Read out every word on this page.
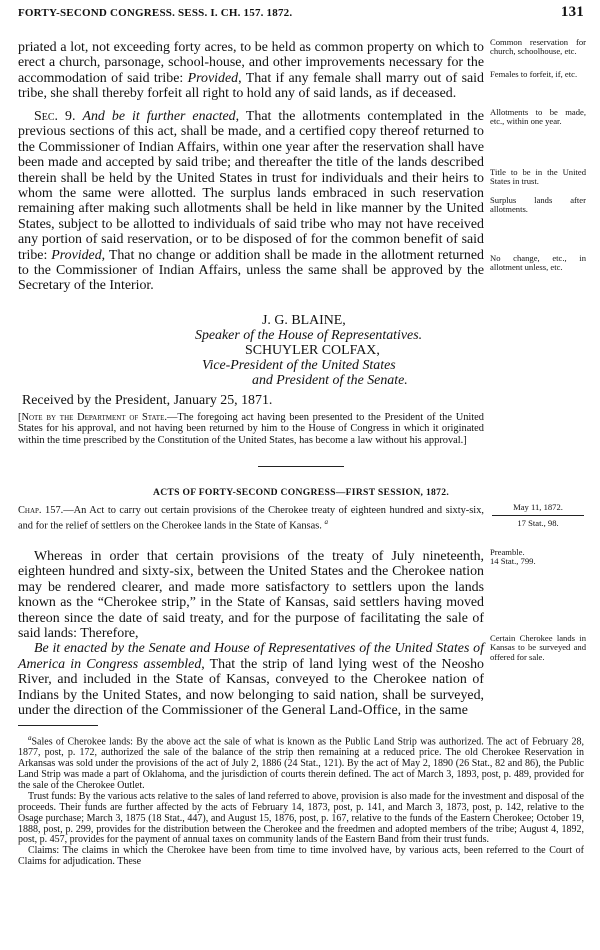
FORTY-SECOND CONGRESS. SESS. I. CH. 157. 1872.	131

priated a lot, not exceeding forty acres, to be held as common property on which to erect a church, parsonage, school-house, and other improvements necessary for the accommodation of said tribe: Provided, That if any female shall marry out of said tribe, she shall thereby forfeit all right to hold any of said lands, as if deceased.

Sec. 9. And be it further enacted, That the allotments contemplated in the previous sections of this act, shall be made, and a certified copy thereof returned to the Commissioner of Indian Affairs, within one year after the reservation shall have been made and accepted by said tribe; and thereafter the title of the lands described therein shall be held by the United States in trust for individuals and their heirs to whom the same were allotted. The surplus lands embraced in such reservation remaining after making such allotments shall be held in like manner by the United States, subject to be allotted to individuals of said tribe who may not have received any portion of said reservation, or to be disposed of for the common benefit of said tribe: Provided, That no change or addition shall be made in the allotment returned to the Commissioner of Indian Affairs, unless the same shall be approved by the Secretary of the Interior.

Common reservation for church, schoolhouse, etc.
Females to forfeit, if, etc.
Allotments to be made, etc., within one year.
Title to be in the United States in trust.
Surplus lands after allotments.
No change, etc., in allotment unless, etc.
J. G. BLAINE,
Speaker of the House of Representatives.
SCHUYLER COLFAX,
Vice-President of the United States
and President of the Senate.
Received by the President, January 25, 1871.
[Note by the Department of State.—The foregoing act having been presented to the President of the United States for his approval, and not having been returned by him to the House of Congress in which it originated within the time prescribed by the Constitution of the United States, has become a law without his approval.]
ACTS OF FORTY-SECOND CONGRESS—FIRST SESSION, 1872.
Chap. 157.—An Act to carry out certain provisions of the Cherokee treaty of eighteen hundred and sixty-six, and for the relief of settlers on the Cherokee lands in the State of Kansas. $^a$
May 11, 1872.
17 Stat., 98.
Preamble.
14 Stat., 799.
Certain Cherokee lands in Kansas to be surveyed and offered for sale.

Whereas in order that certain provisions of the treaty of July nineteenth, eighteen hundred and sixty-six, between the United States and the Cherokee nation may be rendered clearer, and made more satisfactory to settlers upon the lands known as the “Cherokee strip,” in the State of Kansas, said settlers having moved thereon since the date of said treaty, and for the purpose of facilitating the sale of said lands: Therefore,

Be it enacted by the Senate and House of Representatives of the United States of America in Congress assembled, That the strip of land lying west of the Neosho River, and included in the State of Kansas, conveyed to the Cherokee nation of Indians by the United States, and now belonging to said nation, shall be surveyed, under the direction of the Commissioner of the General Land-Office, in the same

$^a$Sales of Cherokee lands: By the above act the sale of what is known as the Public Land Strip was authorized. The act of February 28, 1877, post, p. 172, authorized the sale of the balance of the strip then remaining at a reduced price. The old Cherokee Reservation in Arkansas was sold under the provisions of the act of July 2, 1886 (24 Stat., 121). By the act of May 2, 1890 (26 Stat., 82 and 86), the Public Land Strip was made a part of Oklahoma, and the jurisdiction of courts therein defined. The act of March 3, 1893, post, p. 489, provided for the sale of the Cherokee Outlet.

Trust funds: By the various acts relative to the sales of land referred to above, provision is also made for the investment and disposal of the proceeds. Their funds are further affected by the acts of February 14, 1873, post, p. 141, and March 3, 1873, post, p. 142, relative to the Osage purchase; March 3, 1875 (18 Stat., 447), and August 15, 1876, post, p. 167, relative to the funds of the Eastern Cherokee; October 19, 1888, post, p. 299, provides for the distribution between the Cherokee and the freedmen and adopted members of the tribe; August 4, 1892, post, p. 457, provides for the payment of annual taxes on community lands of the Eastern Band from their trust funds.

Claims: The claims in which the Cherokee have been from time to time involved have, by various acts, been referred to the Court of Claims for adjudication. These
